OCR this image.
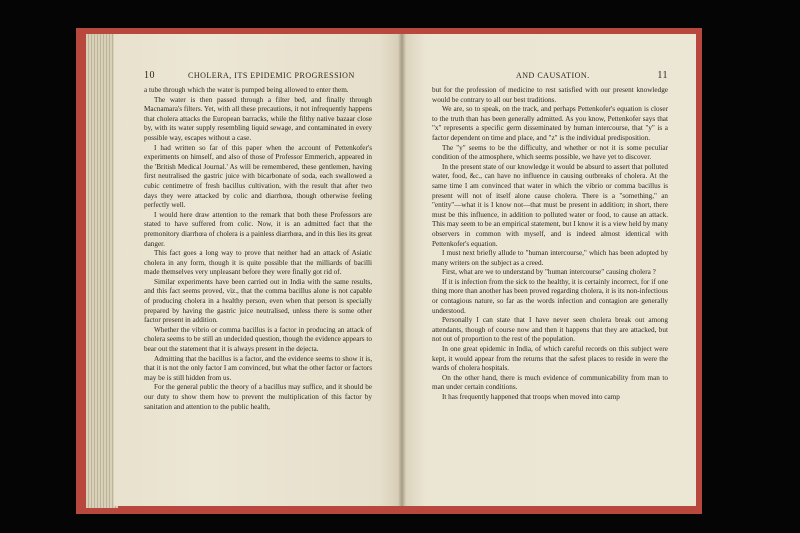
10	CHOLERA, ITS EPIDEMIC PROGRESSION

a tube through which the water is pumped being allowed to enter them.

The water is then passed through a filter bed, and finally through Macnamara's filters. Yet, with all these precautions, it not infrequently happens that cholera attacks the European barracks, while the filthy native bazaar close by, with its water supply resembling liquid sewage, and contaminated in every possible way, escapes without a case.

I had written so far of this paper when the account of Pettenkofer's experiments on himself, and also of those of Professor Emmerich, appeared in the 'British Medical Journal.' As will be remembered, these gentlemen, having first neutralised the gastric juice with bicarbonate of soda, each swallowed a cubic centimetre of fresh bacillus cultivation, with the result that after two days they were attacked by colic and diarrhœa, though otherwise feeling perfectly well.

I would here draw attention to the remark that both these Professors are stated to have suffered from colic. Now, it is an admitted fact that the premonitory diarrhœa of cholera is a painless diarrhœa, and in this lies its great danger.

This fact goes a long way to prove that neither had an attack of Asiatic cholera in any form, though it is quite possible that the milliards of bacilli made themselves very unpleasant before they were finally got rid of.

Similar experiments have been carried out in India with the same results, and this fact seems proved, viz., that the comma bacillus alone is not capable of producing cholera in a healthy person, even when that person is specially prepared by having the gastric juice neutralised, unless there is some other factor present in addition.

Whether the vibrio or comma bacillus is a factor in producing an attack of cholera seems to be still an undecided question, though the evidence appears to bear out the statement that it is always present in the dejecta.

Admitting that the bacillus is a factor, and the evidence seems to show it is, that it is not the only factor I am convinced, but what the other factor or factors may be is still hidden from us.

For the general public the theory of a bacillus may suffice, and it should be our duty to show them how to prevent the multiplication of this factor by sanitation and attention to the public health,

AND CAUSATION.	11

but for the profession of medicine to rest satisfied with our present knowledge would be contrary to all our best traditions.

We are, so to speak, on the track, and perhaps Pettenkofer's equation is closer to the truth than has been generally admitted. As you know, Pettenkofer says that "x" represents a specific germ disseminated by human intercourse, that "y" is a factor dependent on time and place, and "z" is the individual predisposition.

The "y" seems to be the difficulty, and whether or not it is some peculiar condition of the atmosphere, which seems possible, we have yet to discover.

In the present state of our knowledge it would be absurd to assert that polluted water, food, &c., can have no influence in causing outbreaks of cholera. At the same time I am convinced that water in which the vibrio or comma bacillus is present will not of itself alone cause cholera. There is a "something," an "entity"—what it is I know not—that must be present in addition; in short, there must be this influence, in addition to polluted water or food, to cause an attack. This may seem to be an empirical statement, but I know it is a view held by many observers in common with myself, and is indeed almost identical with Pettenkofer's equation.

I must next briefly allude to "human intercourse," which has been adopted by many writers on the subject as a creed.

First, what are we to understand by "human intercourse" causing cholera ?

If it is infection from the sick to the healthy, it is certainly incorrect, for if one thing more than another has been proved regarding cholera, it is its non-infectious or contagious nature, so far as the words infection and contagion are generally understood.

Personally I can state that I have never seen cholera break out among attendants, though of course now and then it happens that they are attacked, but not out of proportion to the rest of the population.

In one great epidemic in India, of which careful records on this subject were kept, it would appear from the returns that the safest places to reside in were the wards of cholera hospitals.

On the other hand, there is much evidence of communicability from man to man under certain conditions.

It has frequently happened that troops when moved into camp
